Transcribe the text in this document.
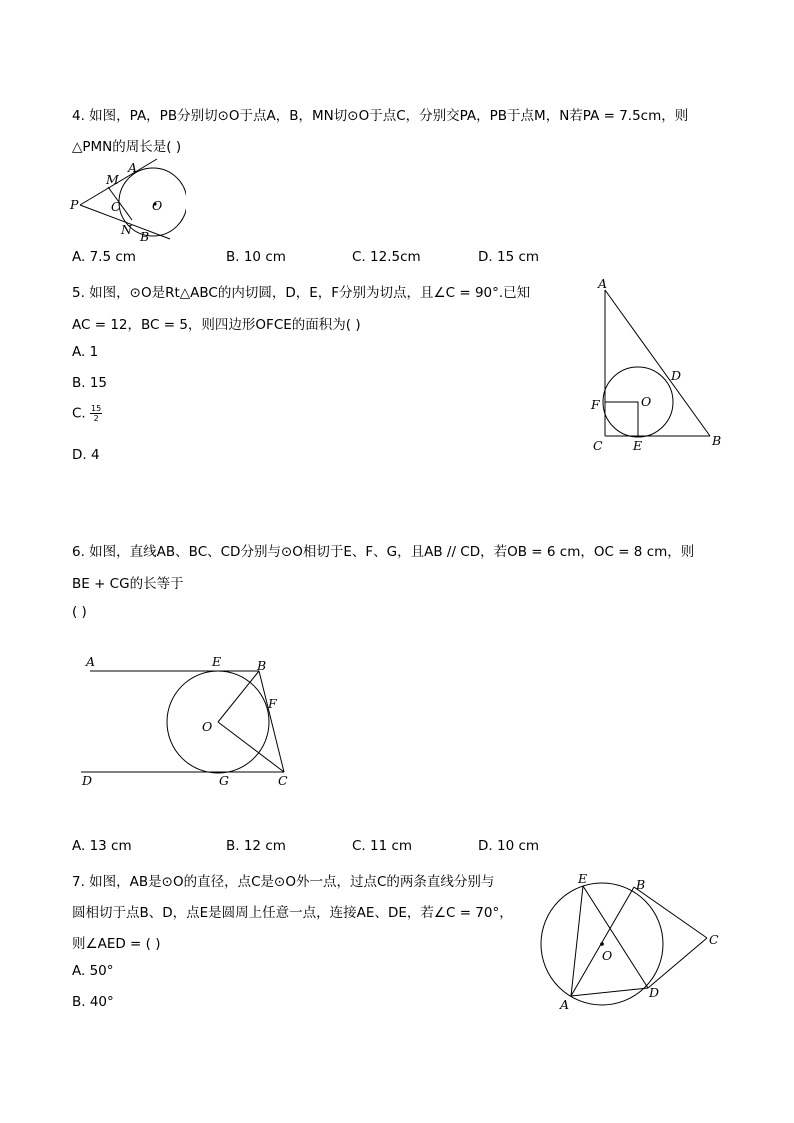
4. 如图，PA，PB分别切⊙O于点A，B，MN切⊙O于点C，分别交PA，PB于点M，N若PA = 7.5cm，则
△PMN的周长是( )
P
M
A
C	O
N B
A. 7.5 cm	B. 10 cm	C. 12.5cm	D. 15 cm
5. 如图，⊙O是Rt△ABC的内切圆，D，E，F分别为切点，且∠C = 90°.已知
AC = 12，BC = 5，则四边形OFCE的面积为( )
A. 1
B. 15
C. $\frac{15}{2}$
D. 4
A
D
O
F
C E	B
6. 如图，直线AB、BC、CD分别与⊙O相切于E、F、G，且AB // CD，若OB = 6 cm，OC = 8 cm，则
BE + CG的长等于
( )
A	E	B
F
O
D	G	C
A. 13 cm	B. 12 cm	C. 11 cm	D. 10 cm
7. 如图，AB是⊙O的直径，点C是⊙O外一点，过点C的两条直线分别与
圆相切于点B、D，点E是圆周上任意一点，连接AE、DE，若∠C = 70°，
则∠AED = ( )
A. 50°
B. 40°
E	B
O
C
A
D
